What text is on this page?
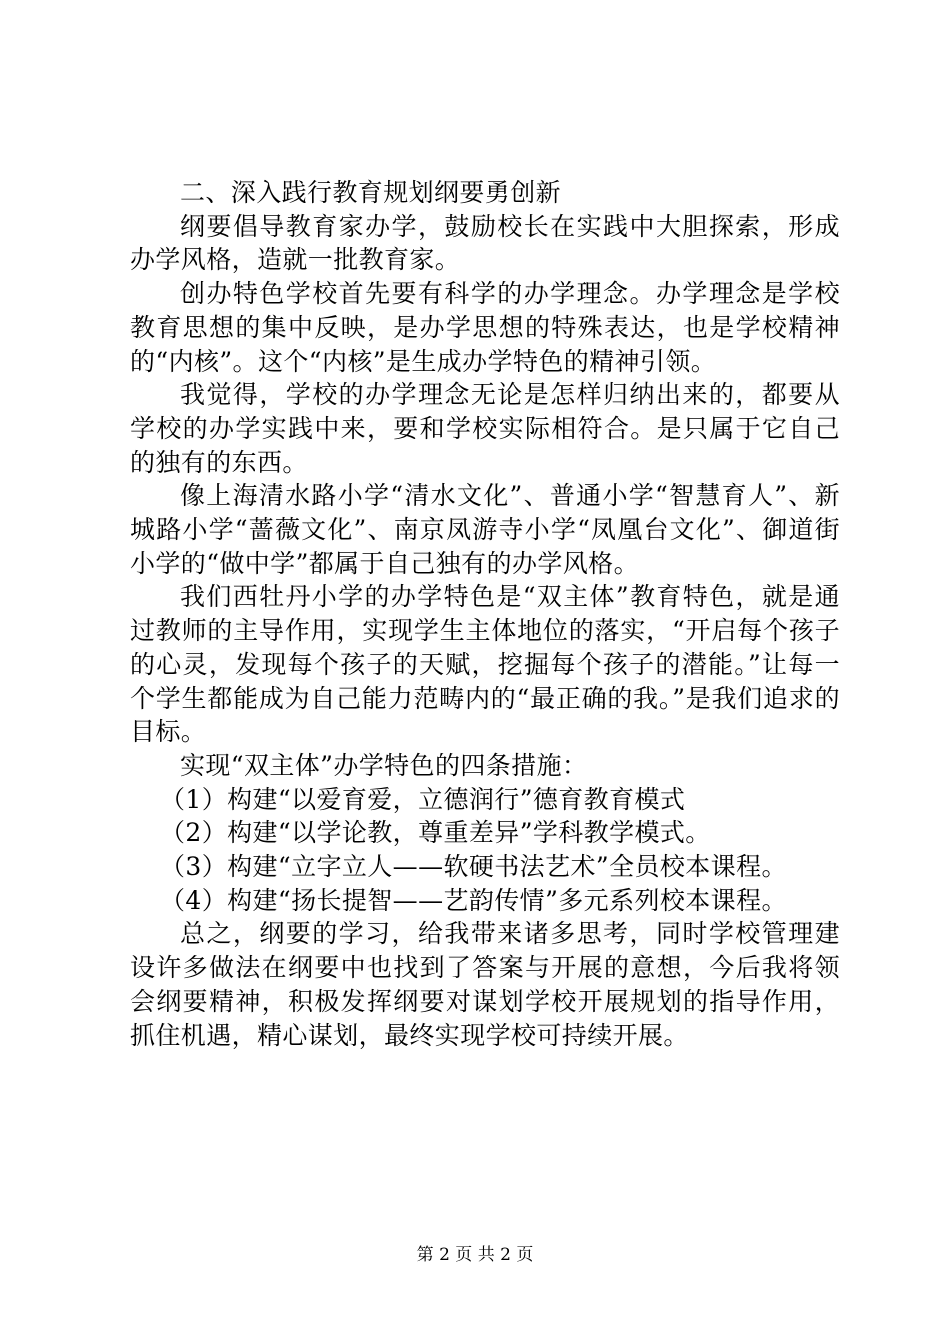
二、深入践行教育规划纲要勇创新

纲要倡导教育家办学，鼓励校长在实践中大胆探索，形成办学风格，造就一批教育家。

创办特色学校首先要有科学的办学理念。办学理念是学校教育思想的集中反映，是办学思想的特殊表达，也是学校精神的“内核”。这个“内核”是生成办学特色的精神引领。

我觉得，学校的办学理念无论是怎样归纳出来的，都要从学校的办学实践中来，要和学校实际相符合。是只属于它自己的独有的东西。

像上海清水路小学“清水文化”、普通小学“智慧育人”、新城路小学“蔷薇文化”、南京凤游寺小学“凤凰台文化”、御道街小学的“做中学”都属于自己独有的办学风格。

我们西牡丹小学的办学特色是“双主体”教育特色，就是通过教师的主导作用，实现学生主体地位的落实，“开启每个孩子的心灵，发现每个孩子的天赋，挖掘每个孩子的潜能。”让每一个学生都能成为自己能力范畴内的“最正确的我。”是我们追求的目标。

实现“双主体”办学特色的四条措施：

（1）构建“以爱育爱，立德润行”德育教育模式

（2）构建“以学论教，尊重差异”学科教学模式。

（3）构建“立字立人——软硬书法艺术”全员校本课程。

（4）构建“扬长提智——艺韵传情”多元系列校本课程。

总之，纲要的学习，给我带来诸多思考，同时学校管理建设许多做法在纲要中也找到了答案与开展的意想，今后我将领会纲要精神，积极发挥纲要对谋划学校开展规划的指导作用，抓住机遇，精心谋划，最终实现学校可持续开展。

第 2 页 共 2 页
